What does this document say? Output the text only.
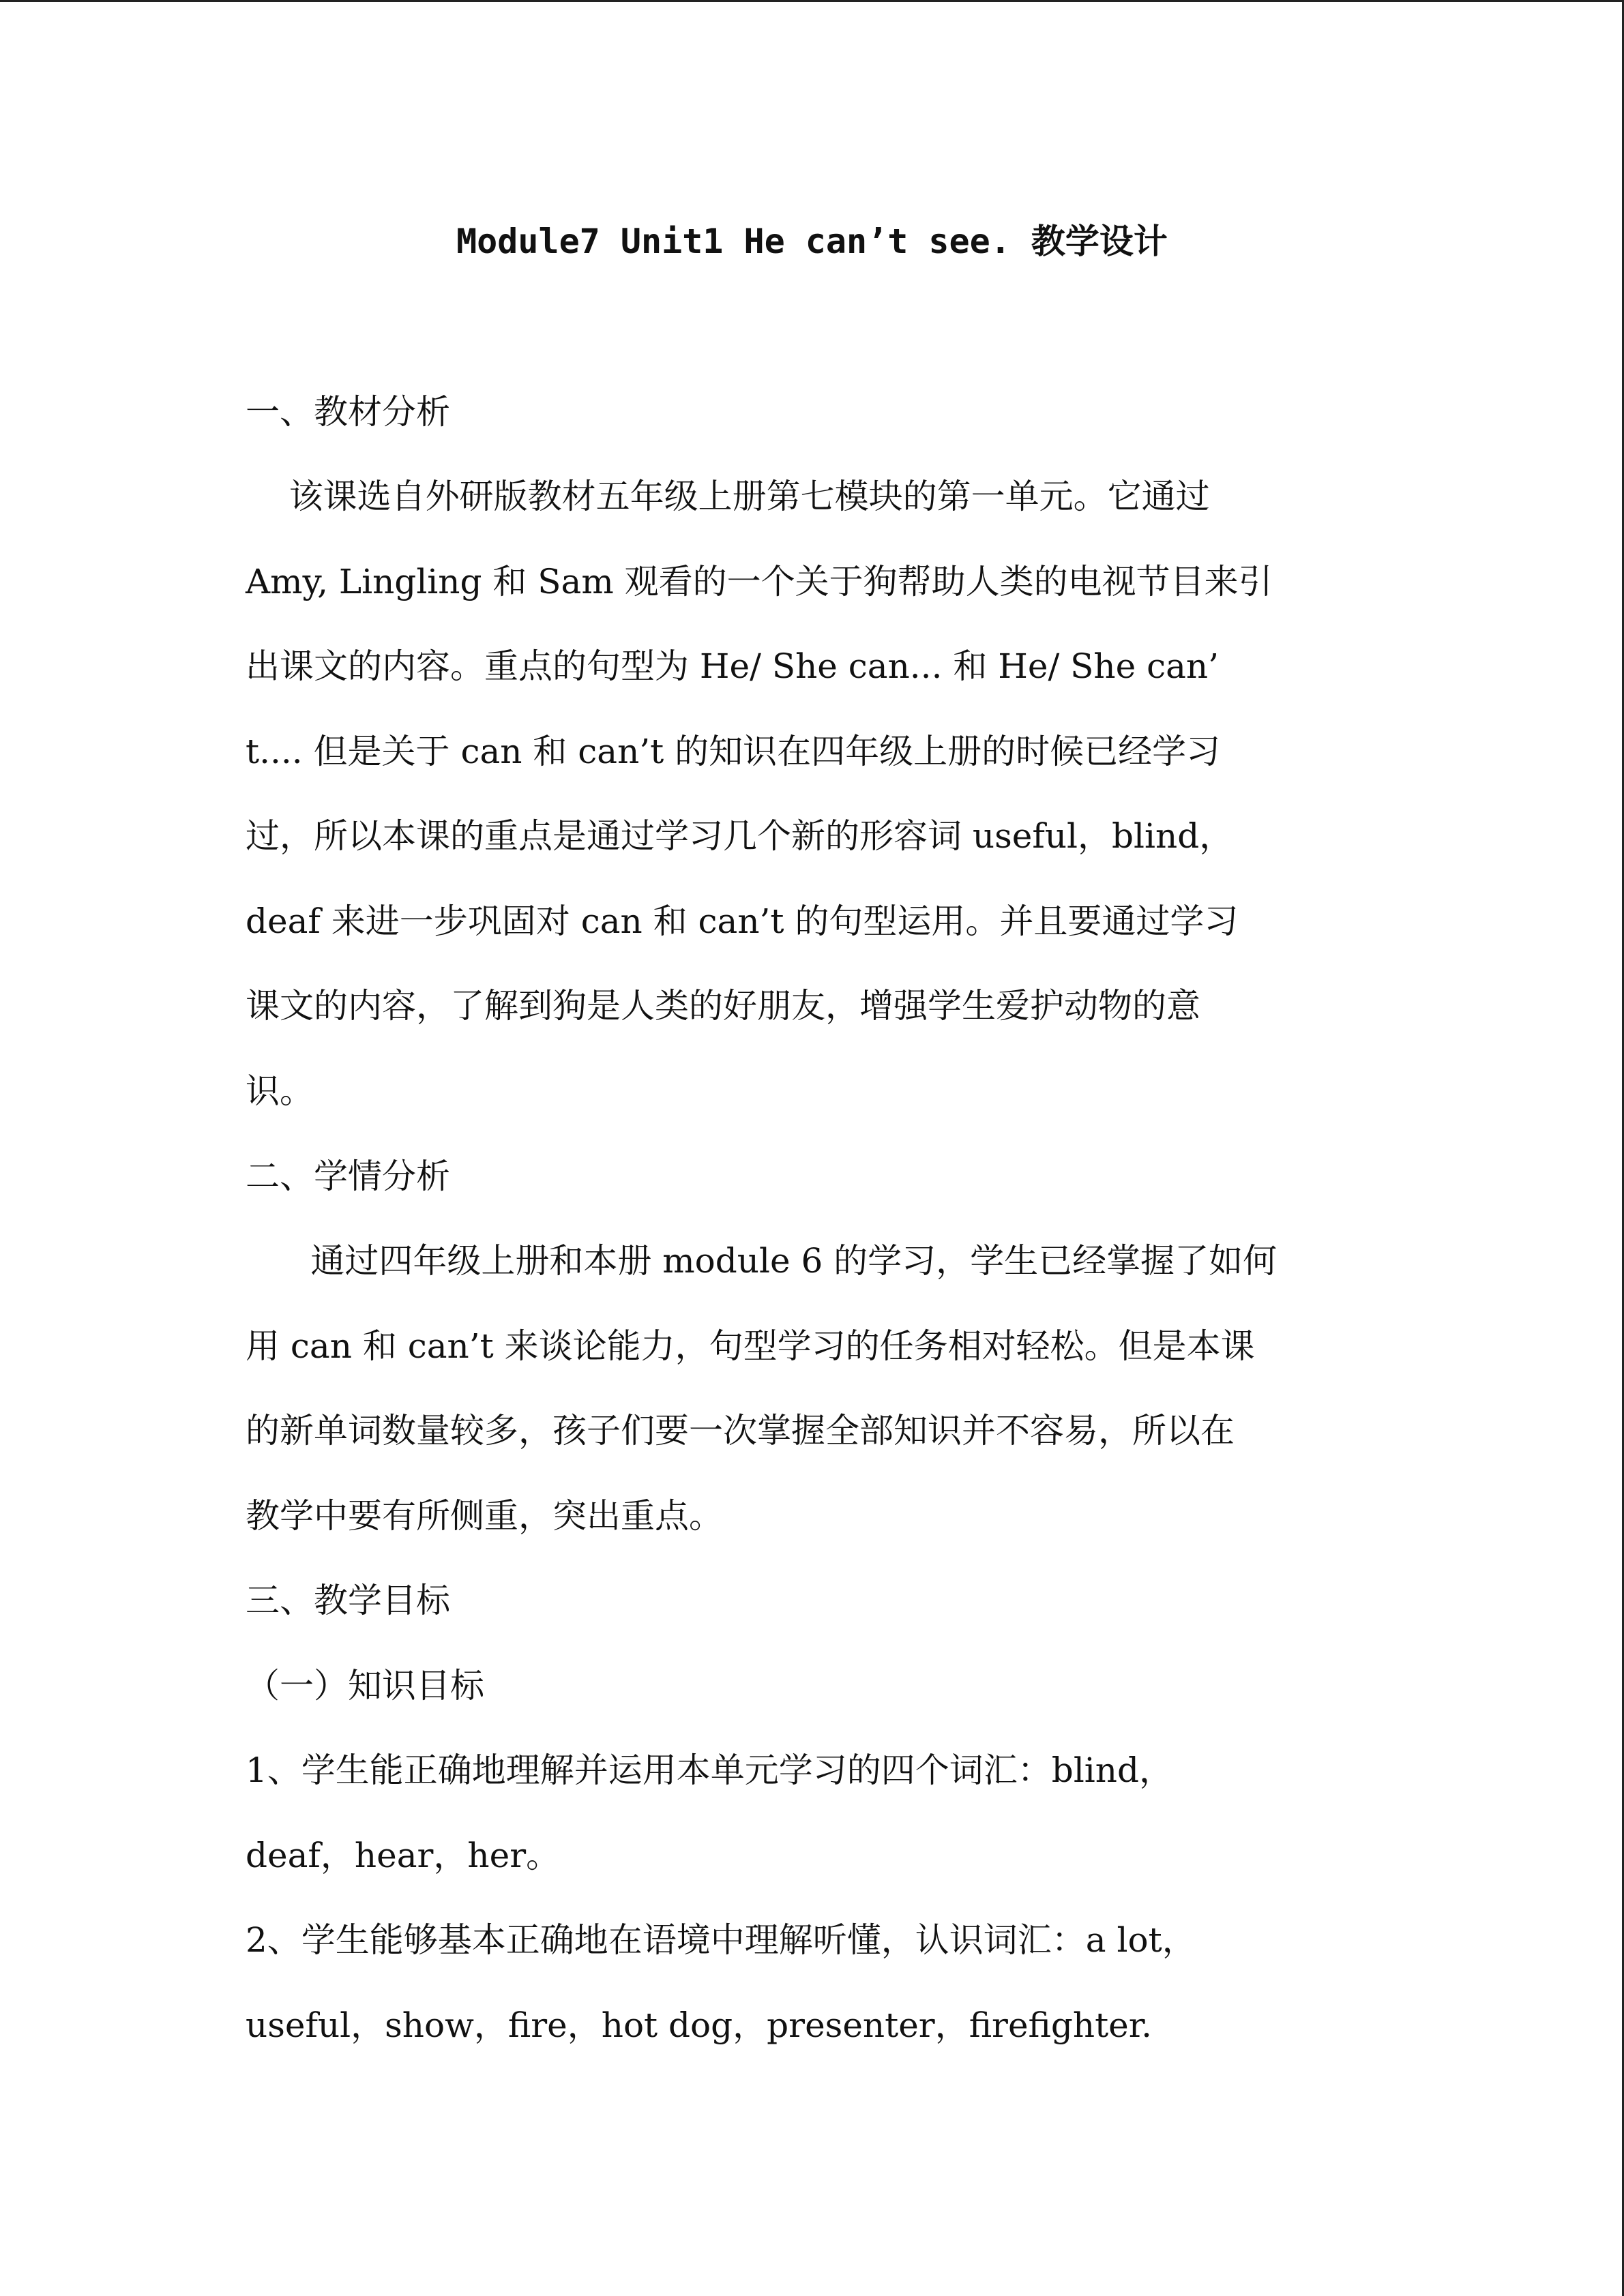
Module7 Unit1 He can’t see. 教学设计
一、教材分析
该课选自外研版教材五年级上册第七模块的第一单元。它通过
Amy, Lingling 和 Sam 观看的一个关于狗帮助人类的电视节目来引
出课文的内容。重点的句型为 He/ She can... 和 He/ She can’
t.... 但是关于 can 和 can’t 的知识在四年级上册的时候已经学习
过，所以本课的重点是通过学习几个新的形容词 useful，blind，
deaf 来进一步巩固对 can 和 can’t 的句型运用。并且要通过学习
课文的内容，了解到狗是人类的好朋友，增强学生爱护动物的意
识。
二、学情分析
通过四年级上册和本册 module 6 的学习，学生已经掌握了如何
用 can 和 can’t 来谈论能力，句型学习的任务相对轻松。但是本课
的新单词数量较多，孩子们要一次掌握全部知识并不容易，所以在
教学中要有所侧重，突出重点。
三、教学目标
（一）知识目标
1、学生能正确地理解并运用本单元学习的四个词汇：blind，
deaf，hear，her。
2、学生能够基本正确地在语境中理解听懂，认识词汇：a lot，
useful，show，fire，hot dog，presenter，firefighter.
